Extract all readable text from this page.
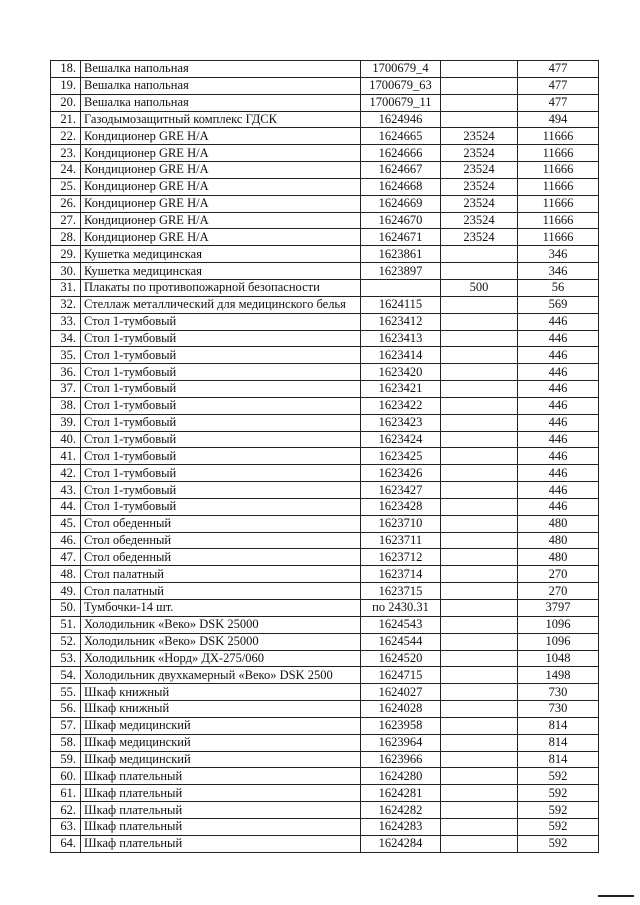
18.	Вешалка напольная	1700679_4		477
19.	Вешалка напольная	1700679_63		477
20.	Вешалка напольная	1700679_11		477
21.	Газодымозащитный комплекс ГДСК	1624946		494
22.	Кондиционер GRE H/A	1624665	23524	11666
23.	Кондиционер GRE H/A	1624666	23524	11666
24.	Кондиционер GRE H/A	1624667	23524	11666
25.	Кондиционер GRE H/A	1624668	23524	11666
26.	Кондиционер GRE H/A	1624669	23524	11666
27.	Кондиционер GRE H/A	1624670	23524	11666
28.	Кондиционер GRE H/A	1624671	23524	11666
29.	Кушетка медицинская	1623861		346
30.	Кушетка медицинская	1623897		346
31.	Плакаты по противопожарной безопасности		500	56
32.	Стеллаж металлический для медицинского белья	1624115		569
33.	Стол 1-тумбовый	1623412		446
34.	Стол 1-тумбовый	1623413		446
35.	Стол 1-тумбовый	1623414		446
36.	Стол 1-тумбовый	1623420		446
37.	Стол 1-тумбовый	1623421		446
38.	Стол 1-тумбовый	1623422		446
39.	Стол 1-тумбовый	1623423		446
40.	Стол 1-тумбовый	1623424		446
41.	Стол 1-тумбовый	1623425		446
42.	Стол 1-тумбовый	1623426		446
43.	Стол 1-тумбовый	1623427		446
44.	Стол 1-тумбовый	1623428		446
45.	Стол обеденный	1623710		480
46.	Стол обеденный	1623711		480
47.	Стол обеденный	1623712		480
48.	Стол палатный	1623714		270
49.	Стол палатный	1623715		270
50.	Тумбочки-14 шт.	по 2430.31		3797
51.	Холодильник «Веко» DSK 25000	1624543		1096
52.	Холодильник «Веко» DSK 25000	1624544		1096
53.	Холодильник «Норд» ДХ-275/060	1624520		1048
54.	Холодильник двухкамерный «Веко» DSK 2500	1624715		1498
55.	Шкаф книжный	1624027		730
56.	Шкаф книжный	1624028		730
57.	Шкаф медицинский	1623958		814
58.	Шкаф медицинский	1623964		814
59.	Шкаф медицинский	1623966		814
60.	Шкаф плательный	1624280		592
61.	Шкаф плательный	1624281		592
62.	Шкаф плательный	1624282		592
63.	Шкаф плательный	1624283		592
64.	Шкаф плательный	1624284		592
